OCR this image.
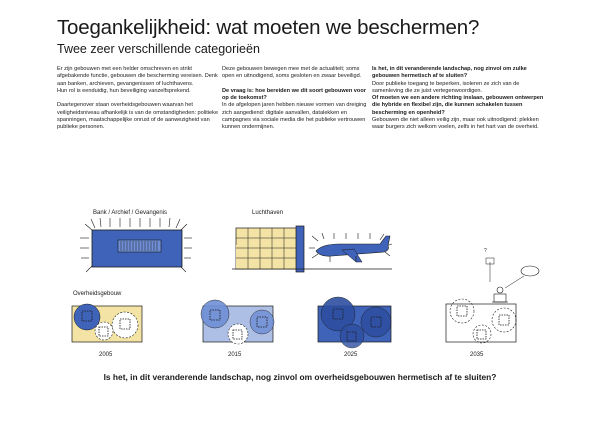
Toegankelijkheid: wat moeten we beschermen?
Twee zeer verschillende categorieën

Er zijn gebouwen met een helder omschreven en strikt afgebakende functie, gebouwen die bescherming vereisen. Denk aan banken, archieven, gevangenissen of luchthavens.

Hun rol is eenduidig, hun beveiliging vanzelfsprekend.

Daartegenover staan overheidsgebouwen waarvan het veiligheidsniveau afhankelijk is van de omstandigheden: politieke spanningen, maatschappelijke onrust of de aanwezigheid van publieke personen.

Deze gebouwen bewegen mee met de actualiteit; soms open en uitnodigend, soms gesloten en zwaar beveiligd.

De vraag is: hoe bereiden we dit soort gebouwen voor op de toekomst?

In de afgelopen jaren hebben nieuwe vormen van dreiging zich aangediend: digitale aanvallen, datalekken en campagnes via sociale media die het publieke vertrouwen kunnen ondermijnen.

Is het, in dit veranderende landschap, nog zinvol om zulke gebouwen hermetisch af te sluiten?

Door publieke toegang te beperken, isoleren ze zich van de samenleving die ze juist vertegenwoordigen.

Of moeten we een andere richting inslaan, gebouwen ontwerpen die hybride en flexibel zijn, die kunnen schakelen tussen bescherming en openheid?

Gebouwen die niet alleen veilig zijn, maar ook uitnodigend: plekken waar burgers zich welkom voelen, zelfs in het hart van de overheid.

Bank / Archief / Gevangenis	Luchthaven
Overheidsgebouw
?
2005	2015	2025	2035
Is het, in dit veranderende landschap, nog zinvol om overheidsgebouwen hermetisch af te sluiten?
